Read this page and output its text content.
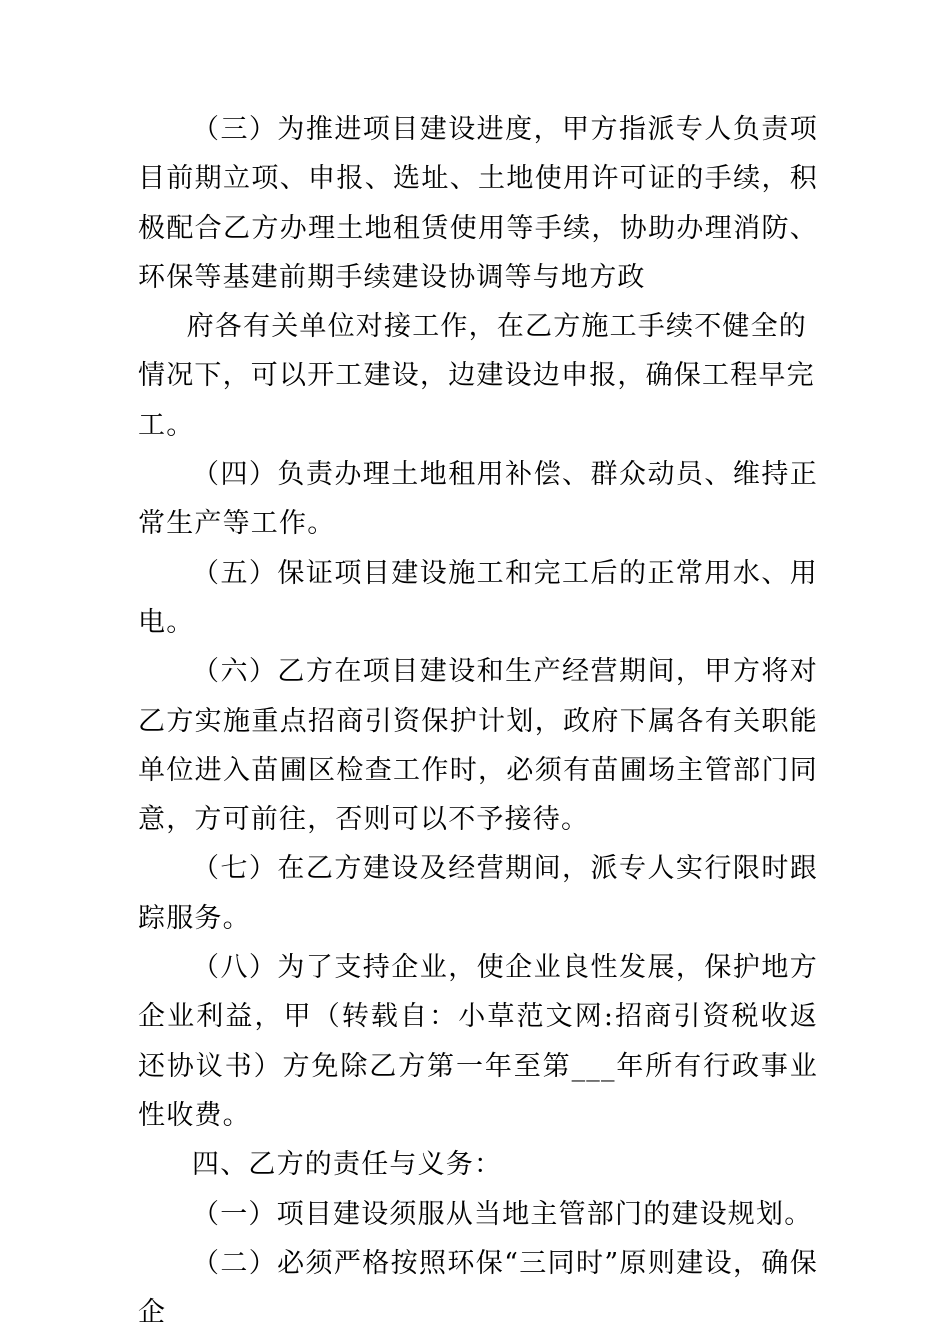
（三）为推进项目建设进度，甲方指派专人负责项目前期立项、申报、选址、土地使用许可证的手续，积极配合乙方办理土地租赁使用等手续，协助办理消防、环保等基建前期手续建设协调等与地方政

府各有关单位对接工作，在乙方施工手续不健全的情况下，可以开工建设，边建设边申报，确保工程早完工。

（四）负责办理土地租用补偿、群众动员、维持正常生产等工作。

（五）保证项目建设施工和完工后的正常用水、用电。

（六）乙方在项目建设和生产经营期间，甲方将对乙方实施重点招商引资保护计划，政府下属各有关职能单位进入苗圃区检查工作时，必须有苗圃场主管部门同意，方可前往，否则可以不予接待。

（七）在乙方建设及经营期间，派专人实行限时跟踪服务。

（八）为了支持企业，使企业良性发展，保护地方企业利益，甲（转载自：小草范文网:招商引资税收返还协议书）方免除乙方第一年至第___年所有行政事业性收费。

四、乙方的责任与义务：

（一）项目建设须服从当地主管部门的建设规划。

（二）必须严格按照环保“三同时”原则建设，确保企
